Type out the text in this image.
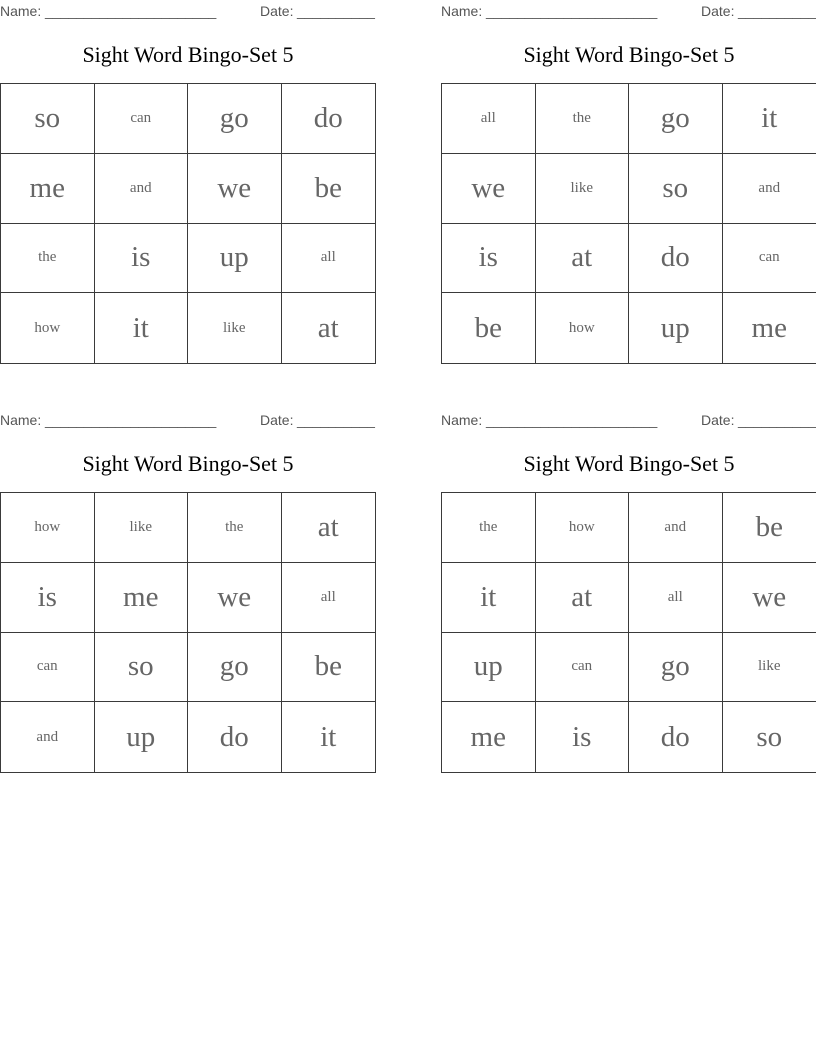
Name: ______________________	Date: __________
Sight Word Bingo-Set 5
so	can	go	do
me	and	we	be
the	is	up	all
how	it	like	at
Name: ______________________	Date: __________
Sight Word Bingo-Set 5
all	the	go	it
we	like	so	and
is	at	do	can
be	how	up	me
Name: ______________________	Date: __________
Sight Word Bingo-Set 5
how	like	the	at
is	me	we	all
can	so	go	be
and	up	do	it
Name: ______________________	Date: __________
Sight Word Bingo-Set 5
the	how	and	be
it	at	all	we
up	can	go	like
me	is	do	so
